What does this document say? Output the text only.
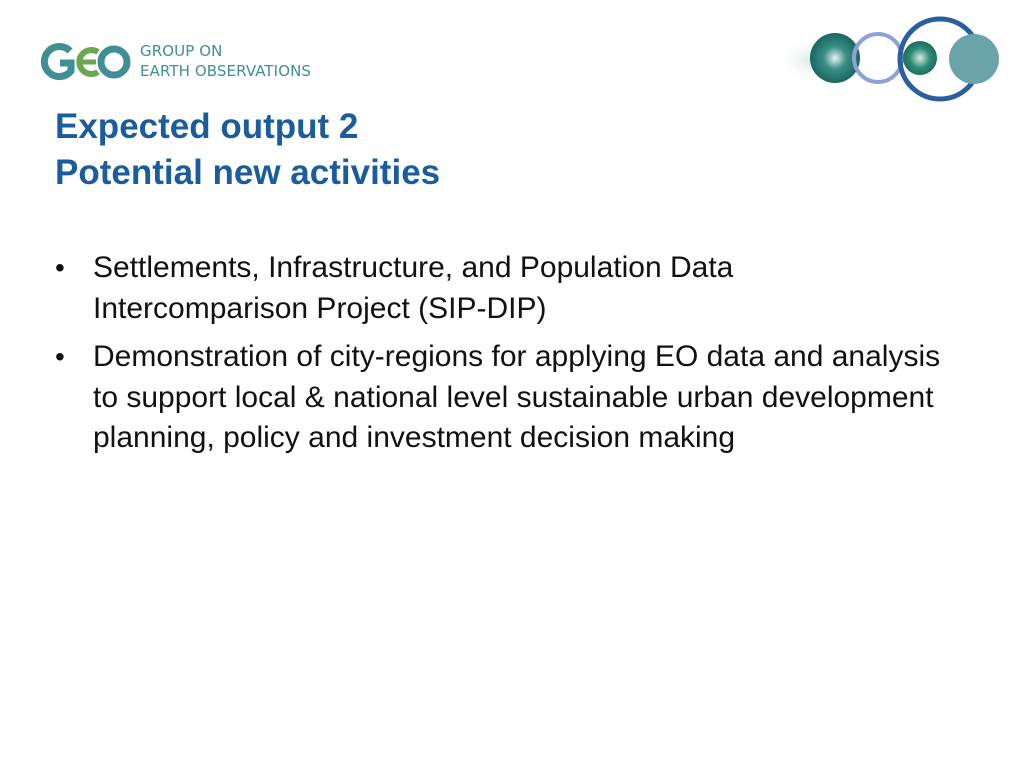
GROUP ON
EARTH OBSERVATIONS
Expected output 2
Potential new activities
• Settlements, Infrastructure, and Population Data Intercomparison Project (SIP-DIP)
• Demonstration of city-regions for applying EO data and analysis to support local & national level sustainable urban development planning, policy and investment decision making
